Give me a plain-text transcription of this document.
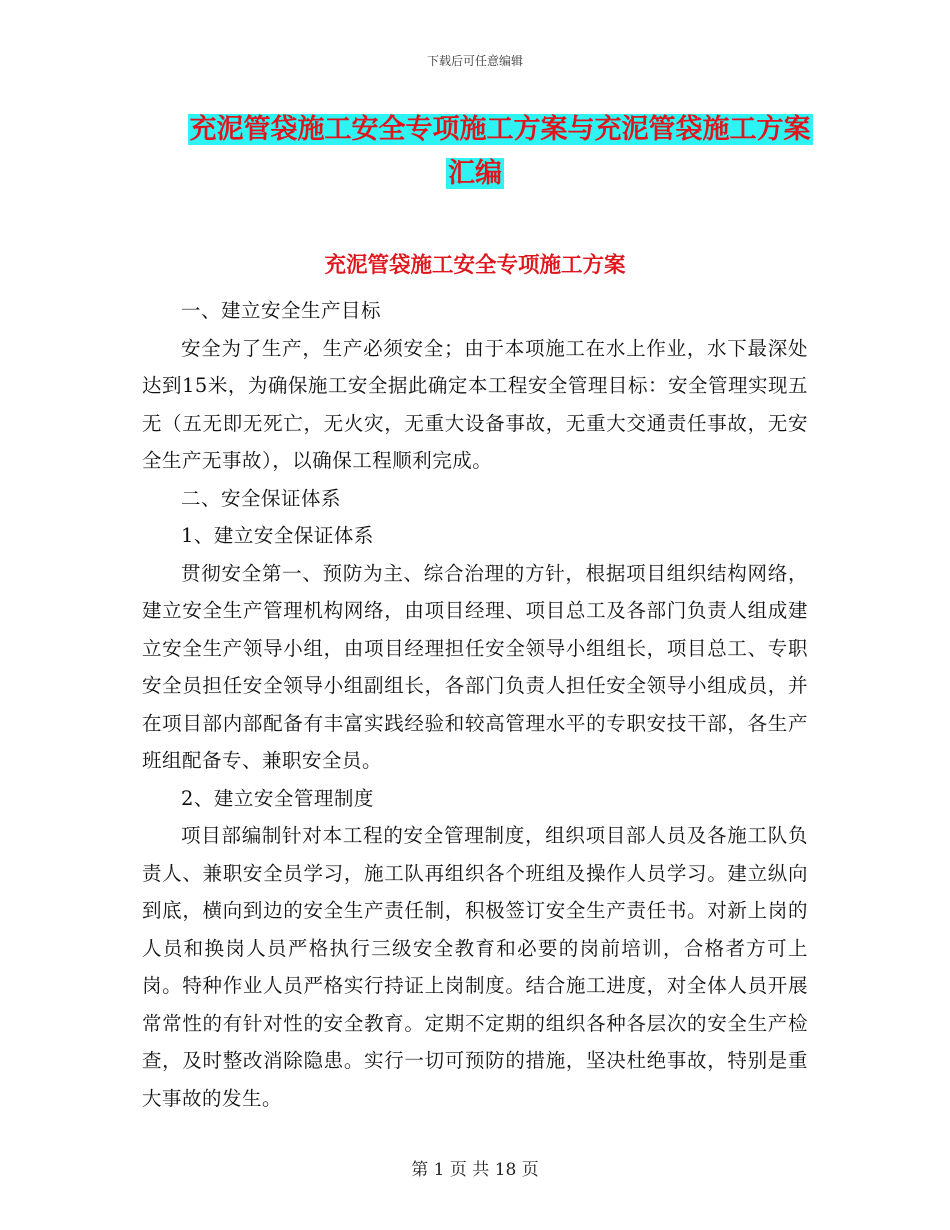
下载后可任意编辑
充泥管袋施工安全专项施工方案与充泥管袋施工方案
汇编
充泥管袋施工安全专项施工方案

一、建立安全生产目标

安全为了生产，生产必须安全；由于本项施工在水上作业，水下最深处达到15米，为确保施工安全据此确定本工程安全管理目标：安全管理实现五无（五无即无死亡，无火灾，无重大设备事故，无重大交通责任事故，无安全生产无事故），以确保工程顺利完成。

二、安全保证体系

1、建立安全保证体系

贯彻安全第一、预防为主、综合治理的方针，根据项目组织结构网络，建立安全生产管理机构网络，由项目经理、项目总工及各部门负责人组成建立安全生产领导小组，由项目经理担任安全领导小组组长，项目总工、专职安全员担任安全领导小组副组长，各部门负责人担任安全领导小组成员，并在项目部内部配备有丰富实践经验和较高管理水平的专职安技干部，各生产班组配备专、兼职安全员。

2、建立安全管理制度

项目部编制针对本工程的安全管理制度，组织项目部人员及各施工队负责人、兼职安全员学习，施工队再组织各个班组及操作人员学习。建立纵向到底，横向到边的安全生产责任制，积极签订安全生产责任书。对新上岗的人员和换岗人员严格执行三级安全教育和必要的岗前培训，合格者方可上岗。特种作业人员严格实行持证上岗制度。结合施工进度，对全体人员开展常常性的有针对性的安全教育。定期不定期的组织各种各层次的安全生产检查，及时整改消除隐患。实行一切可预防的措施，坚决杜绝事故，特别是重大事故的发生。

第 1 页 共 18 页
